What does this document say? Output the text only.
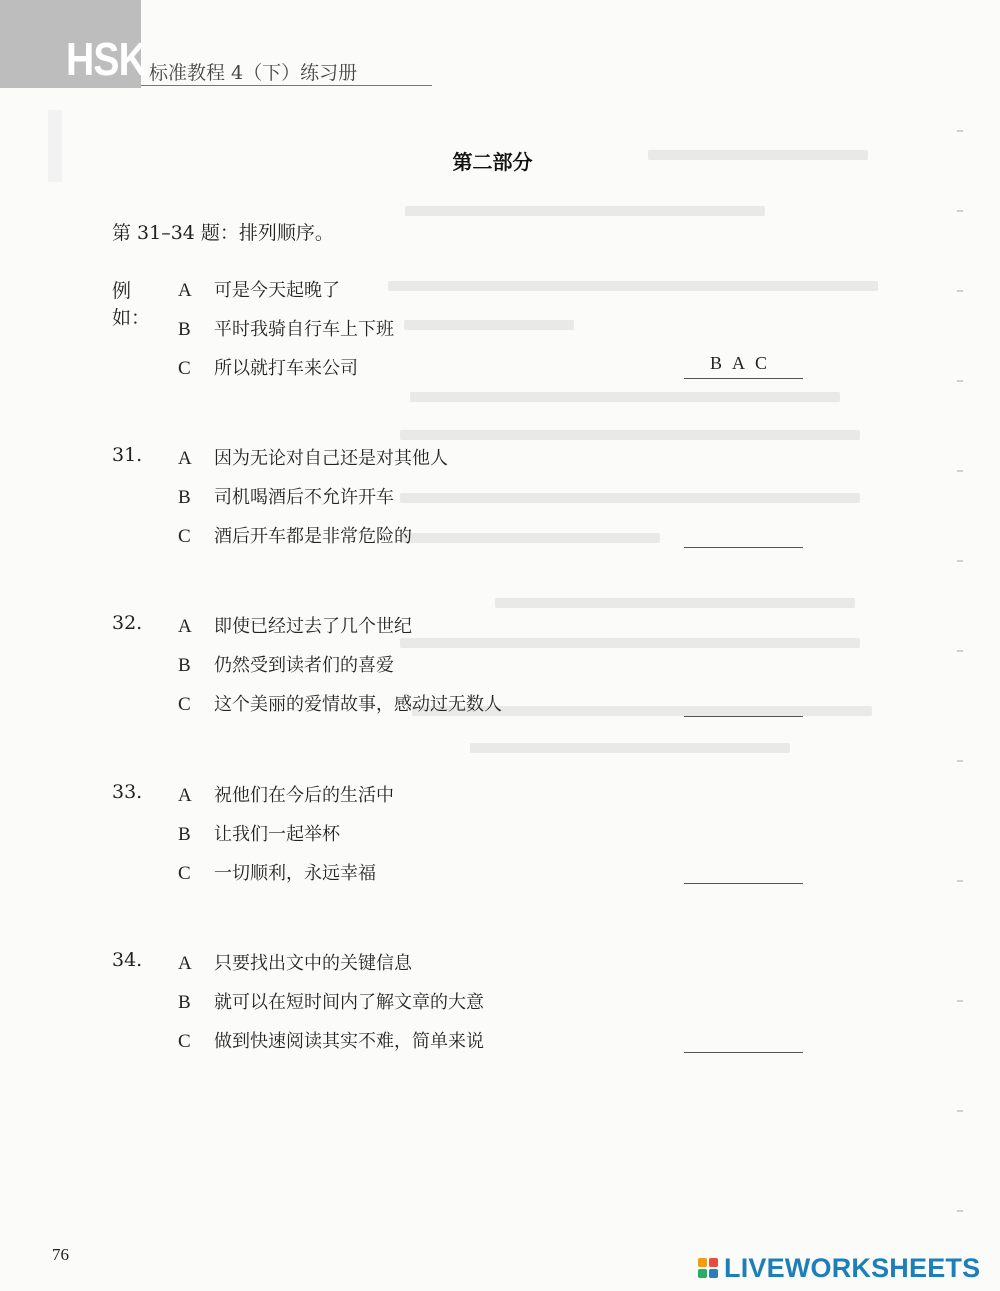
HSK 标准教程 4（下）练习册
第二部分
第 31–34 题：排列顺序。
例如：
A 可是今天起晚了
B 平时我骑自行车上下班
C 所以就打车来公司	BAC
31. A 因为无论对自己还是对其他人
B 司机喝酒后不允许开车
C 酒后开车都是非常危险的
32. A 即使已经过去了几个世纪
B 仍然受到读者们的喜爱
C 这个美丽的爱情故事，感动过无数人
33. A 祝他们在今后的生活中
B 让我们一起举杯
C 一切顺利，永远幸福
34. A 只要找出文中的关键信息
B 就可以在短时间内了解文章的大意
C 做到快速阅读其实不难，简单来说
76	LIVEWORKSHEETS
